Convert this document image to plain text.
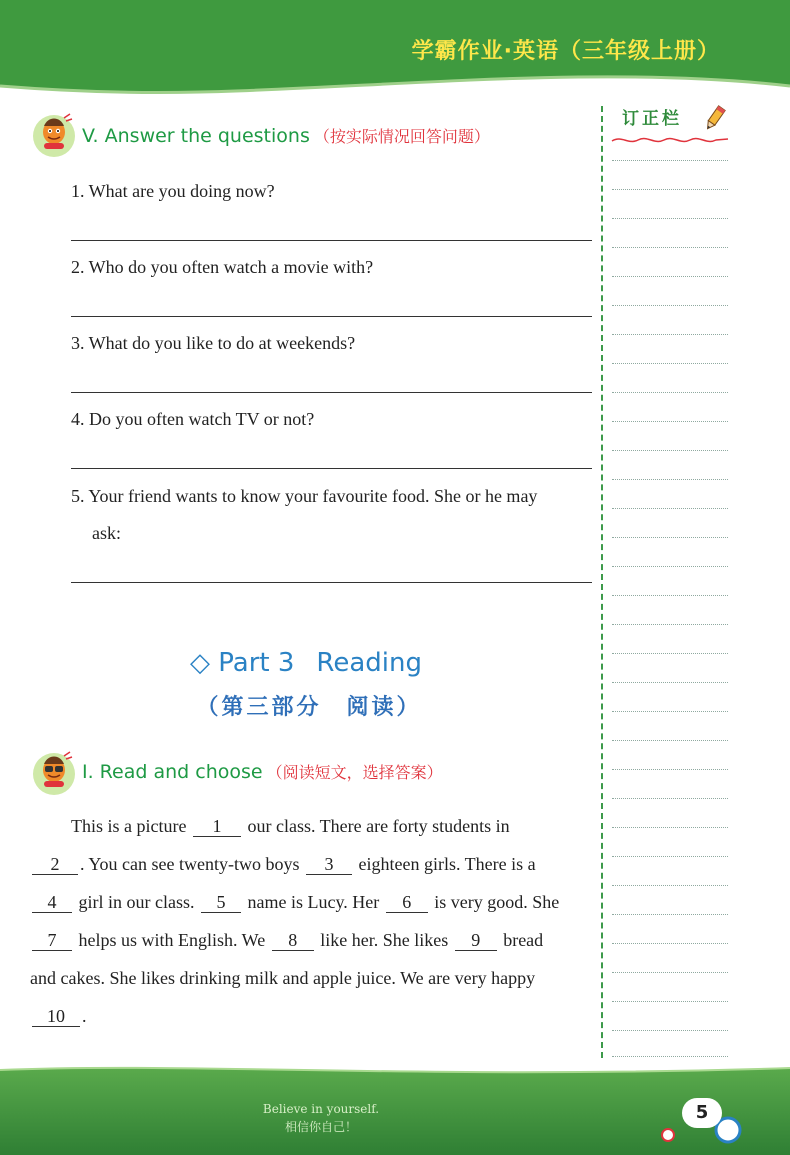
学霸作业·英语（三年级上册）
订正栏
V. Answer the questions （按实际情况回答问题）
1. What are you doing now?
2. Who do you often watch a movie with?
3. What do you like to do at weekends?
4. Do you often watch TV or not?
5. Your friend wants to know your favourite food. She or he may
ask:
◇ Part 3 Reading
（第三部分　阅读）
I. Read and choose （阅读短文，选择答案）
This is a picture 1 our class. There are forty students in
2 . You can see twenty-two boys 3 eighteen girls. There is a
4 girl in our class. 5 name is Lucy. Her 6 is very good. She
7 helps us with English. We 8 like her. She likes 9 bread
and cakes. She likes drinking milk and apple juice. We are very happy
10 .
Believe in yourself.
相信你自己！
5
